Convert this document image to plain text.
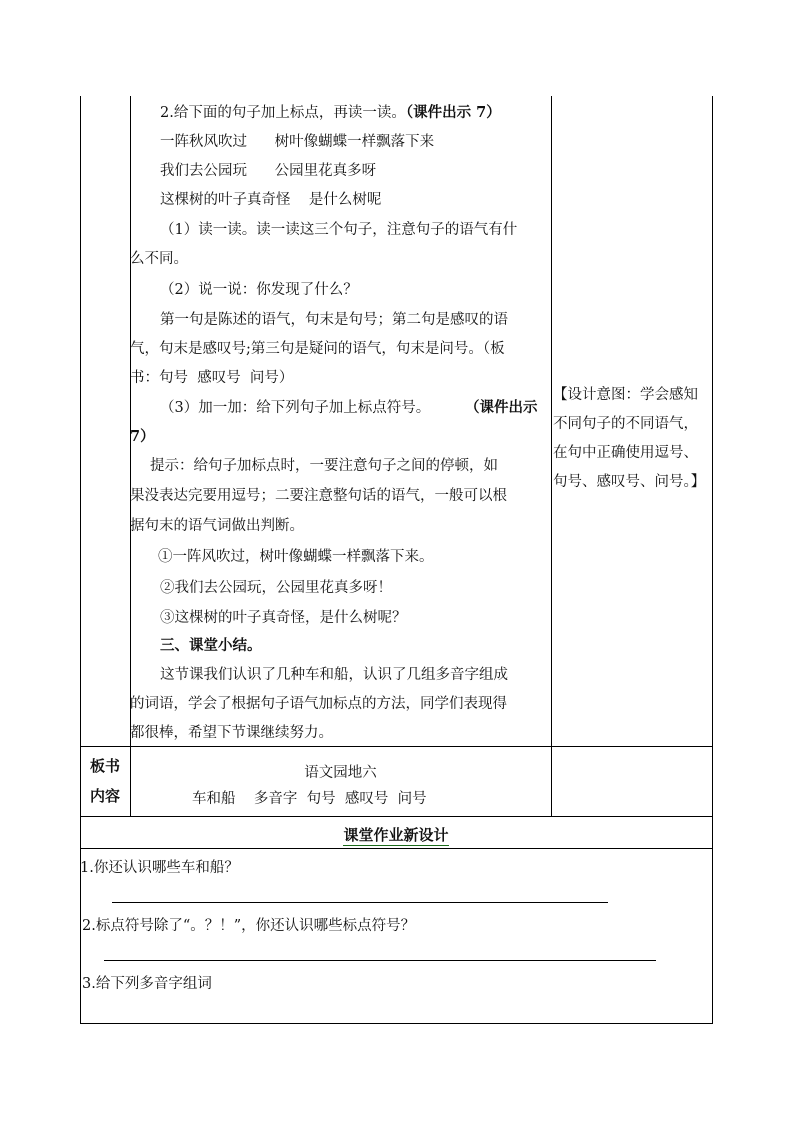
2.给下面的句子加上标点，再读一读。（课件出示 7）
一阵秋风吹过      树叶像蝴蝶一样飘落下来
我们去公园玩      公园里花真多呀
这棵树的叶子真奇怪    是什么树呢
（1）读一读。读一读这三个句子，注意句子的语气有什
么不同。
（2）说一说：你发现了什么？
第一句是陈述的语气，句末是句号；第二句是感叹的语
气，句末是感叹号;第三句是疑问的语气，句末是问号。（板
书：句号  感叹号  问号）
（3）加一加：给下列句子加上标点符号。 （课件出示
7）
提示：给句子加标点时，一要注意句子之间的停顿，如
果没表达完要用逗号；二要注意整句话的语气，一般可以根
据句末的语气词做出判断。
①一阵风吹过，树叶像蝴蝶一样飘落下来。
②我们去公园玩，公园里花真多呀！
③这棵树的叶子真奇怪，是什么树呢？
三、课堂小结。
这节课我们认识了几种车和船，认识了几组多音字组成
的词语，学会了根据句子语气加标点的方法，同学们表现得
都很棒，希望下节课继续努力。
【设计意图：学会感知
不同句子的不同语气，
在句中正确使用逗号、
句号、感叹号、问号。】
板书
内容
语文园地六
车和船    多音字  句号  感叹号  问号
课堂作业新设计
1.你还认识哪些车和船？
2.标点符号除了“。？！”，你还认识哪些标点符号？
3.给下列多音字组词
